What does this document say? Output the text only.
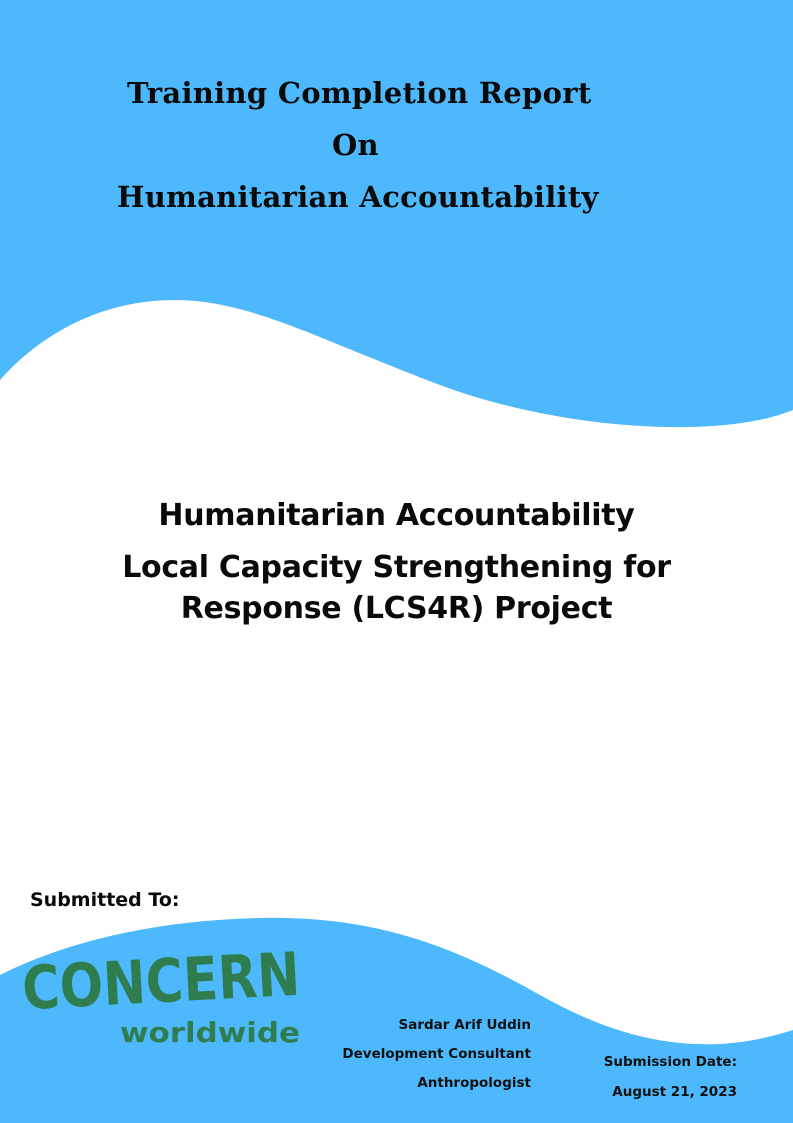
Training Completion Report
On
Humanitarian Accountability
Humanitarian Accountability
Local Capacity Strengthening for
Response (LCS4R) Project
Submitted To:
CONCERN
worldwide	Sardar Arif Uddin
Development Consultant
Anthropologist
Submission Date:
August 21, 2023
